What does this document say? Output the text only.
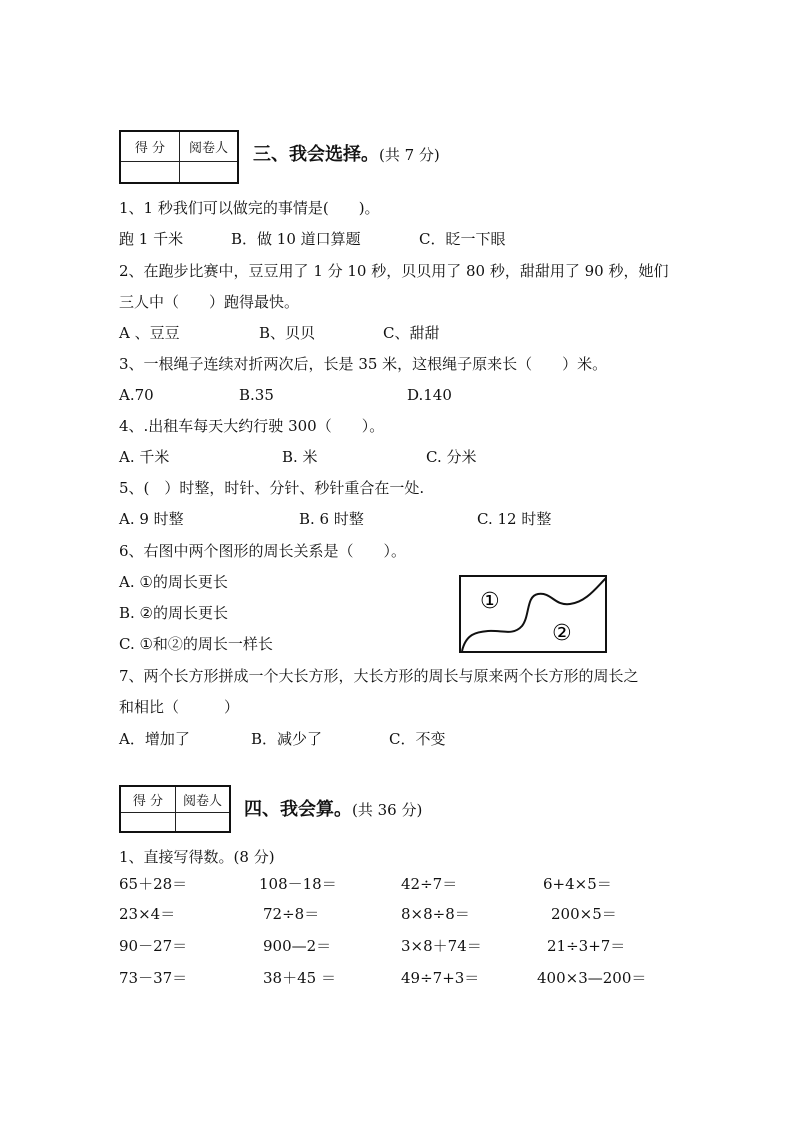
得 分	阅卷人
	三、我会选择。(共 7 分)
1、1 秒我们可以做完的事情是(　　)。
跑 1 千米	B．做 10 道口算题	C．眨一下眼
2、在跑步比赛中，豆豆用了 1 分 10 秒，贝贝用了 80 秒，甜甜用了 90 秒，她们
三人中（　　）跑得最快。
A 、豆豆	B、贝贝	C、甜甜
3、一根绳子连续对折两次后，长是 35 米，这根绳子原来长（　　）米。
A.70	B.35	D.140
4、.出租车每天大约行驶 300（　　）。
A. 千米	B. 米	C. 分米
5、(　）时整，时针、分针、秒针重合在一处.
A. 9 时整	B. 6 时整	C. 12 时整
6、右图中两个图形的周长关系是（　　）。
A. ①的周长更长
B. ②的周长更长
C. ①和②的周长一样长
①
②
7、两个长方形拼成一个大长方形，大长方形的周长与原来两个长方形的周长之
和相比（　　　）
A．增加了	B．减少了	C．不变
得 分	阅卷人
	四、我会算。(共 36 分)
1、直接写得数。(8 分)
65＋28＝	108－18＝	42÷7＝	6+4×5＝
23×4＝	72÷8＝	8×8÷8＝	200×5＝
90－27＝	900—2＝	3×8＋74＝	21÷3+7＝
73－37＝	38＋45 ＝	49÷7+3＝	400×3—200＝
